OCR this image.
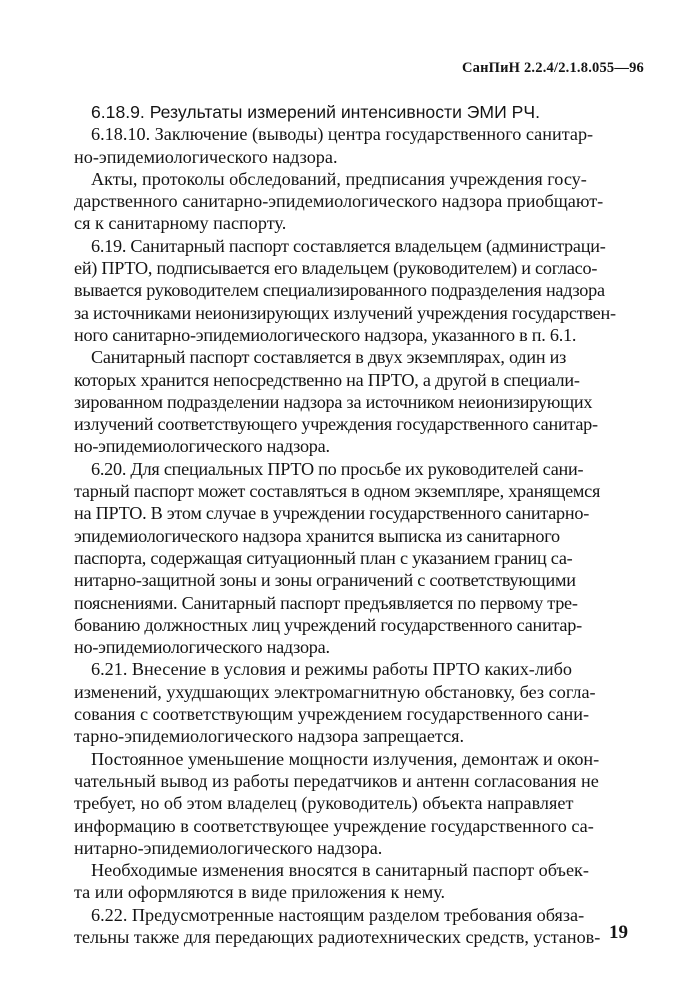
СанПиН 2.2.4/2.1.8.055—96

6.18.9. Результаты измерений интенсивности ЭМИ РЧ.

6.18.10. Заключение (выводы) центра государственного санитар-
но-эпидемиологического надзора.

Акты, протоколы обследований, предписания учреждения госу-
дарственного санитарно-эпидемиологического надзора приобщают-
ся к санитарному паспорту.

6.19. Санитарный паспорт составляется владельцем (администраци-
ей) ПРТО, подписывается его владельцем (руководителем) и согласо-
вывается руководителем специализированного подразделения надзора
за источниками неионизирующих излучений учреждения государствен-
ного санитарно-эпидемиологического надзора, указанного в п. 6.1.

Санитарный паспорт составляется в двух экземплярах, один из
которых хранится непосредственно на ПРТО, а другой в специали-
зированном подразделении надзора за источником неионизирующих
излучений соответствующего учреждения государственного санитар-
но-эпидемиологического надзора.

6.20. Для специальных ПРТО по просьбе их руководителей сани-
тарный паспорт может составляться в одном экземпляре, хранящемся
на ПРТО. В этом случае в учреждении государственного санитарно-
эпидемиологического надзора хранится выписка из санитарного
паспорта, содержащая ситуационный план с указанием границ са-
нитарно-защитной зоны и зоны ограничений с соответствующими
пояснениями. Санитарный паспорт предъявляется по первому тре-
бованию должностных лиц учреждений государственного санитар-
но-эпидемиологического надзора.

6.21. Внесение в условия и режимы работы ПРТО каких-либо
изменений, ухудшающих электромагнитную обстановку, без согла-
сования с соответствующим учреждением государственного сани-
тарно-эпидемиологического надзора запрещается.

Постоянное уменьшение мощности излучения, демонтаж и окон-
чательный вывод из работы передатчиков и антенн согласования не
требует, но об этом владелец (руководитель) объекта направляет
информацию в соответствующее учреждение государственного са-
нитарно-эпидемиологического надзора.

Необходимые изменения вносятся в санитарный паспорт объек-
та или оформляются в виде приложения к нему.

6.22. Предусмотренные настоящим разделом требования обяза-
тельны также для передающих радиотехнических средств, установ- 19
